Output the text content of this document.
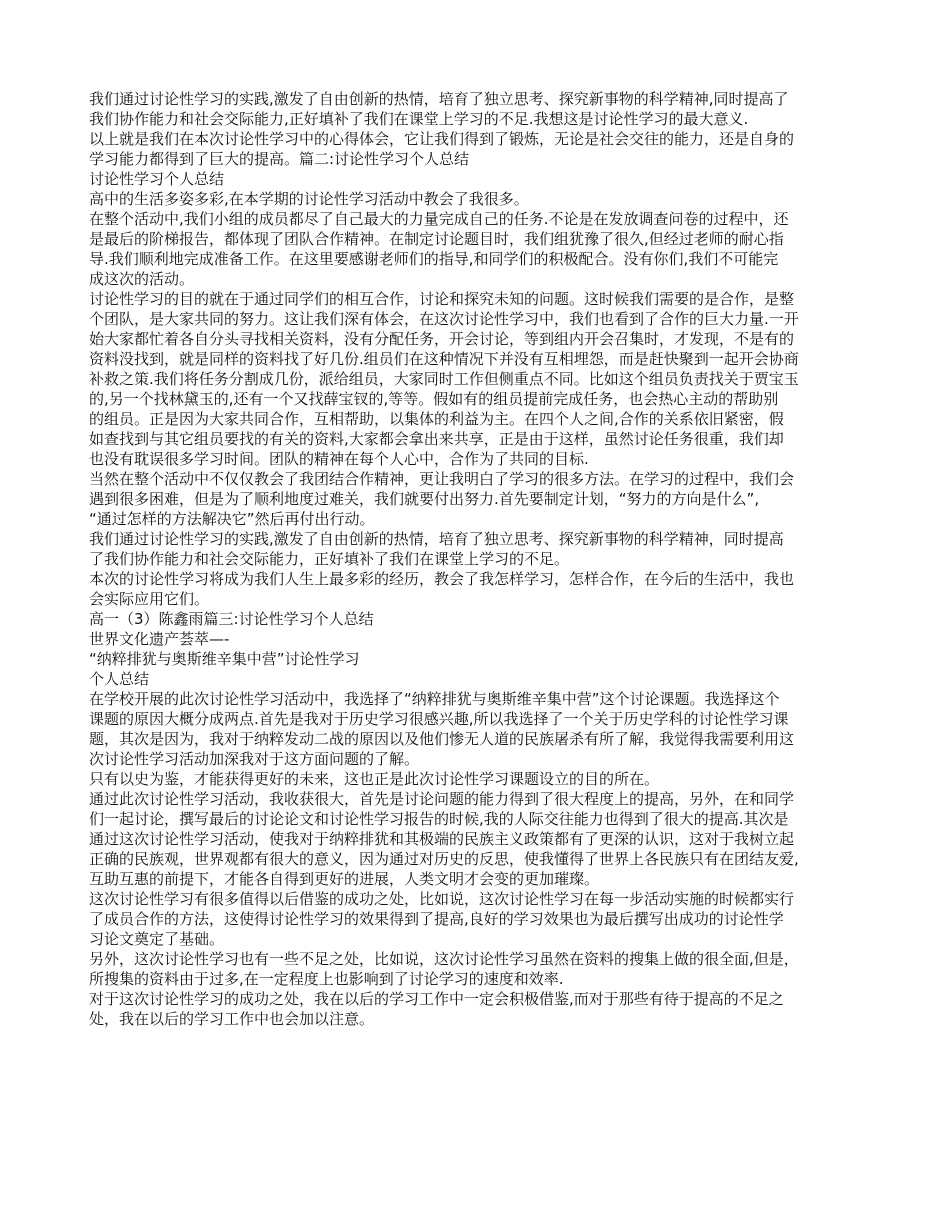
我们通过讨论性学习的实践,激发了自由创新的热情，培育了独立思考、探究新事物的科学精神,同时提高了
我们协作能力和社会交际能力,正好填补了我们在课堂上学习的不足.我想这是讨论性学习的最大意义.
以上就是我们在本次讨论性学习中的心得体会，它让我们得到了锻炼，无论是社会交往的能力，还是自身的
学习能力都得到了巨大的提高。篇二:讨论性学习个人总结
讨论性学习个人总结
高中的生活多姿多彩,在本学期的讨论性学习活动中教会了我很多。
在整个活动中,我们小组的成员都尽了自己最大的力量完成自己的任务.不论是在发放调查问卷的过程中，还
是最后的阶梯报告，都体现了团队合作精神。在制定讨论题目时，我们组犹豫了很久,但经过老师的耐心指
导.我们顺利地完成准备工作。在这里要感谢老师们的指导,和同学们的积极配合。没有你们,我们不可能完
成这次的活动。
讨论性学习的目的就在于通过同学们的相互合作，讨论和探究未知的问题。这时候我们需要的是合作，是整
个团队，是大家共同的努力。这让我们深有体会，在这次讨论性学习中，我们也看到了合作的巨大力量.一开
始大家都忙着各自分头寻找相关资料，没有分配任务，开会讨论，等到组内开会召集时，才发现，不是有的
资料没找到，就是同样的资料找了好几份.组员们在这种情况下并没有互相埋怨，而是赶快聚到一起开会协商
补救之策.我们将任务分割成几份，派给组员，大家同时工作但侧重点不同。比如这个组员负责找关于贾宝玉
的,另一个找林黛玉的,还有一个又找薛宝钗的,等等。假如有的组员提前完成任务，也会热心主动的帮助别
的组员。正是因为大家共同合作，互相帮助，以集体的利益为主。在四个人之间,合作的关系依旧紧密，假
如查找到与其它组员要找的有关的资料,大家都会拿出来共享，正是由于这样，虽然讨论任务很重，我们却
也没有耽误很多学习时间。团队的精神在每个人心中，合作为了共同的目标.
当然在整个活动中不仅仅教会了我团结合作精神，更让我明白了学习的很多方法。在学习的过程中，我们会
遇到很多困难，但是为了顺利地度过难关，我们就要付出努力.首先要制定计划，“努力的方向是什么”,
“通过怎样的方法解决它”然后再付出行动。
我们通过讨论性学习的实践,激发了自由创新的热情，培育了独立思考、探究新事物的科学精神，同时提高
了我们协作能力和社会交际能力，正好填补了我们在课堂上学习的不足。
本次的讨论性学习将成为我们人生上最多彩的经历，教会了我怎样学习，怎样合作，在今后的生活中，我也
会实际应用它们。
高一（3）陈鑫雨篇三:讨论性学习个人总结
世界文化遗产荟萃—-
“纳粹排犹与奥斯维辛集中营”讨论性学习
个人总结
在学校开展的此次讨论性学习活动中，我选择了“纳粹排犹与奥斯维辛集中营”这个讨论课题。我选择这个
课题的原因大概分成两点.首先是我对于历史学习很感兴趣,所以我选择了一个关于历史学科的讨论性学习课
题，其次是因为，我对于纳粹发动二战的原因以及他们惨无人道的民族屠杀有所了解，我觉得我需要利用这
次讨论性学习活动加深我对于这方面问题的了解。
只有以史为鉴，才能获得更好的未来，这也正是此次讨论性学习课题设立的目的所在。
通过此次讨论性学习活动，我收获很大，首先是讨论问题的能力得到了很大程度上的提高，另外，在和同学
们一起讨论，撰写最后的讨论论文和讨论性学习报告的时候,我的人际交往能力也得到了很大的提高.其次是
通过这次讨论性学习活动，使我对于纳粹排犹和其极端的民族主义政策都有了更深的认识，这对于我树立起
正确的民族观，世界观都有很大的意义，因为通过对历史的反思，使我懂得了世界上各民族只有在团结友爱,
互助互惠的前提下，才能各自得到更好的进展，人类文明才会变的更加璀璨。
这次讨论性学习有很多值得以后借鉴的成功之处，比如说，这次讨论性学习在每一步活动实施的时候都实行
了成员合作的方法，这使得讨论性学习的效果得到了提高,良好的学习效果也为最后撰写出成功的讨论性学
习论文奠定了基础。
另外，这次讨论性学习也有一些不足之处，比如说，这次讨论性学习虽然在资料的搜集上做的很全面,但是，
所搜集的资料由于过多,在一定程度上也影响到了讨论学习的速度和效率.
对于这次讨论性学习的成功之处，我在以后的学习工作中一定会积极借鉴,而对于那些有待于提高的不足之
处，我在以后的学习工作中也会加以注意。
